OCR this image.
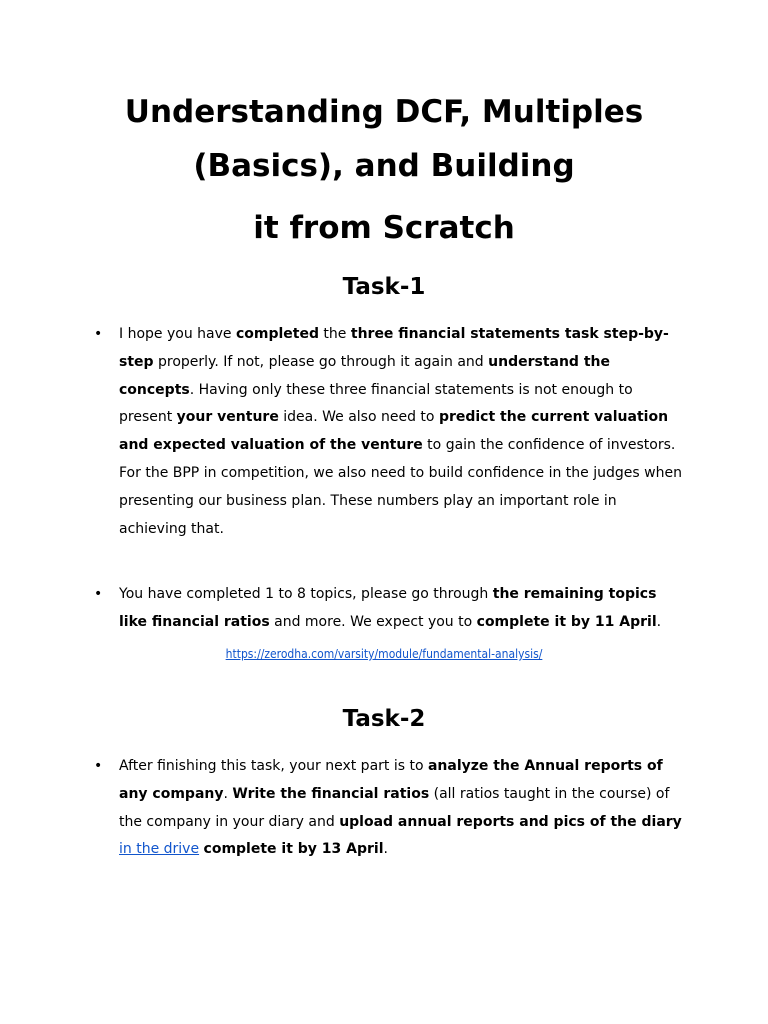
Understanding DCF, Multiples
(Basics), and Building
it from Scratch
Task-1
• I hope you have completed the three financial statements task step-by-step properly. If not, please go through it again and understand the concepts. Having only these three financial statements is not enough to present your venture idea. We also need to predict the current valuation and expected valuation of the venture to gain the confidence of investors. For the BPP in competition, we also need to build confidence in the judges when presenting our business plan. These numbers play an important role in achieving that.
• You have completed 1 to 8 topics, please go through the remaining topics like financial ratios and more. We expect you to complete it by 11 April.
https://zerodha.com/varsity/module/fundamental-analysis/
Task-2
• After finishing this task, your next part is to analyze the Annual reports of any company. Write the financial ratios (all ratios taught in the course) of the company in your diary and upload annual reports and pics of the diary in the drive complete it by 13 April.
